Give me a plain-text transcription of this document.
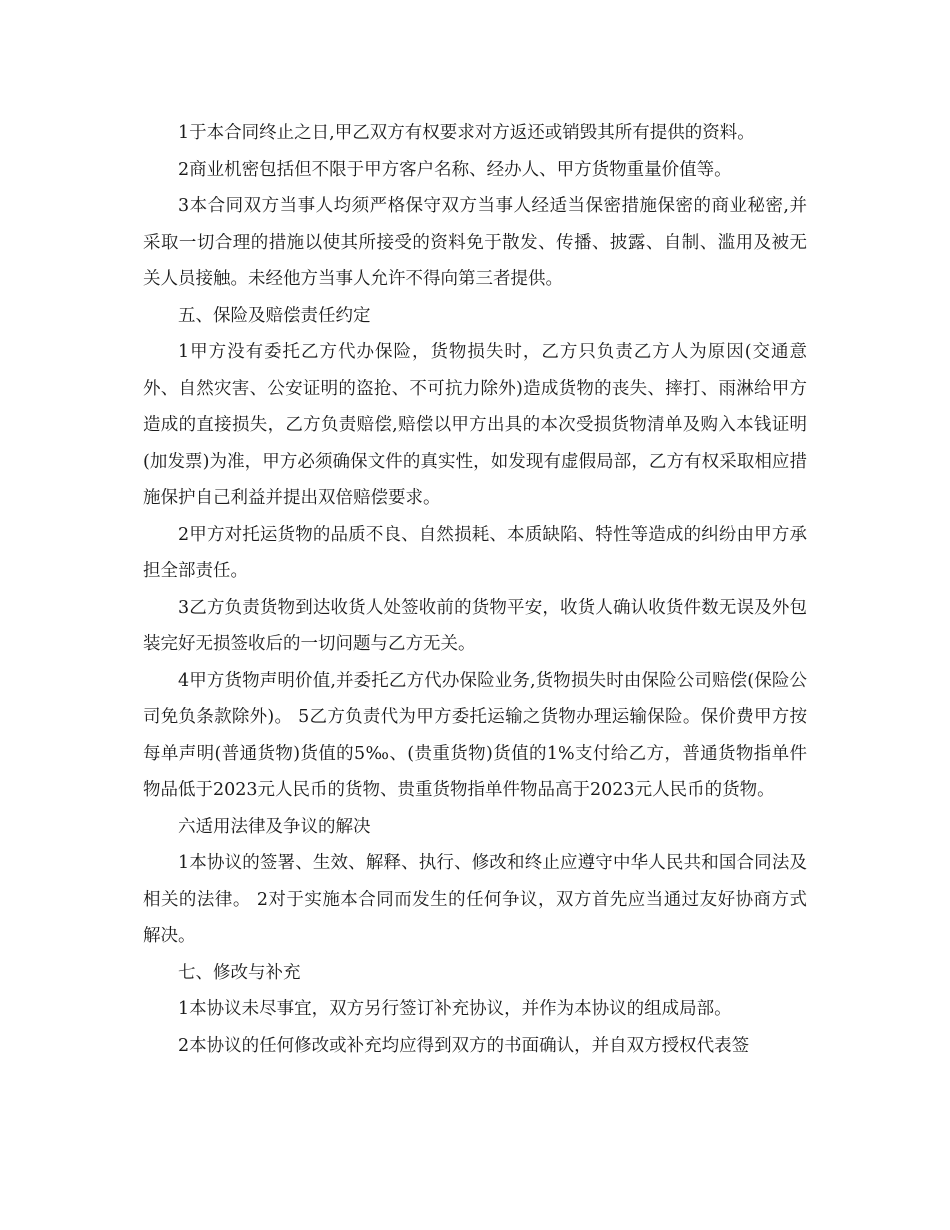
1于本合同终止之日,甲乙双方有权要求对方返还或销毁其所有提供的资料。

2商业机密包括但不限于甲方客户名称、经办人、甲方货物重量价值等。

3本合同双方当事人均须严格保守双方当事人经适当保密措施保密的商业秘密,并采取一切合理的措施以使其所接受的资料免于散发、传播、披露、自制、滥用及被无关人员接触。未经他方当事人允许不得向第三者提供。

五、保险及赔偿责任约定

1甲方没有委托乙方代办保险，货物损失时，乙方只负责乙方人为原因(交通意外、自然灾害、公安证明的盗抢、不可抗力除外)造成货物的丧失、摔打、雨淋给甲方造成的直接损失，乙方负责赔偿,赔偿以甲方出具的本次受损货物清单及购入本钱证明(加发票)为准，甲方必须确保文件的真实性，如发现有虚假局部，乙方有权采取相应措施保护自己利益并提出双倍赔偿要求。

2甲方对托运货物的品质不良、自然损耗、本质缺陷、特性等造成的纠纷由甲方承担全部责任。

3乙方负责货物到达收货人处签收前的货物平安，收货人确认收货件数无误及外包装完好无损签收后的一切问题与乙方无关。

4甲方货物声明价值,并委托乙方代办保险业务,货物损失时由保险公司赔偿(保险公司免负条款除外)。 5乙方负责代为甲方委托运输之货物办理运输保险。保价费甲方按每单声明(普通货物)货值的5‰、(贵重货物)货值的1%支付给乙方，普通货物指单件物品低于2023元人民币的货物、贵重货物指单件物品高于2023元人民币的货物。

六适用法律及争议的解决

1本协议的签署、生效、解释、执行、修改和终止应遵守中华人民共和国合同法及相关的法律。 2对于实施本合同而发生的任何争议，双方首先应当通过友好协商方式解决。

七、修改与补充

1本协议未尽事宜，双方另行签订补充协议，并作为本协议的组成局部。

2本协议的任何修改或补充均应得到双方的书面确认，并自双方授权代表签
